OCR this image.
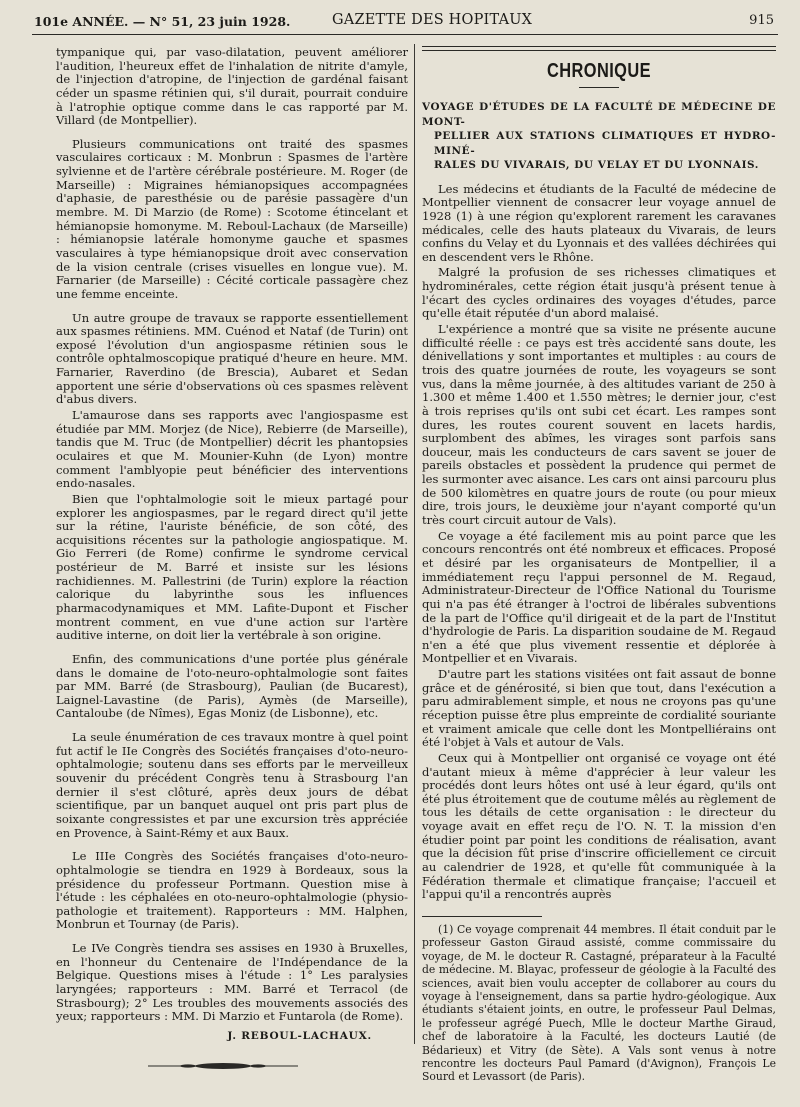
101e ANNÉE. — N° 51, 23 juin 1928.	GAZETTE DES HOPITAUX	915

tympanique qui, par vaso-dilatation, peuvent améliorer l'audition, l'heureux effet de l'inhalation de nitrite d'amyle, de l'injection d'atropine, de l'injection de gardénal faisant céder un spasme rétinien qui, s'il durait, pourrait conduire à l'atrophie optique comme dans le cas rapporté par M. Villard (de Montpellier).

Plusieurs communications ont traité des spasmes vasculaires corticaux : M. Monbrun : Spasmes de l'artère sylvienne et de l'artère cérébrale postérieure. M. Roger (de Marseille) : Migraines hémianopsiques accompagnées d'aphasie, de paresthésie ou de parésie passagère d'un membre. M. Di Marzio (de Rome) : Scotome étincelant et hémianopsie homonyme. M. Reboul-Lachaux (de Marseille) : hémianopsie latérale homonyme gauche et spasmes vasculaires à type hémianopsique droit avec conservation de la vision centrale (crises visuelles en longue vue). M. Farnarier (de Marseille) : Cécité corticale passagère chez une femme enceinte.

Un autre groupe de travaux se rapporte essentiellement aux spasmes rétiniens. MM. Cuénod et Nataf (de Turin) ont exposé l'évolution d'un angiospasme rétinien sous le contrôle ophtalmoscopique pratiqué d'heure en heure. MM. Farnarier, Raverdino (de Brescia), Aubaret et Sedan apportent une série d'observations où ces spasmes relèvent d'abus divers.

L'amaurose dans ses rapports avec l'angiospasme est étudiée par MM. Morjez (de Nice), Rebierre (de Marseille), tandis que M. Truc (de Montpellier) décrit les phantopsies oculaires et que M. Mounier-Kuhn (de Lyon) montre comment l'amblyopie peut bénéficier des interventions endo-nasales.

Bien que l'ophtalmologie soit le mieux partagé pour explorer les angiospasmes, par le regard direct qu'il jette sur la rétine, l'auriste bénéficie, de son côté, des acquisitions récentes sur la pathologie angiospatique. M. Gio Ferreri (de Rome) confirme le syndrome cervical postérieur de M. Barré et insiste sur les lésions rachidiennes. M. Pallestrini (de Turin) explore la réaction calorique du labyrinthe sous les influences pharmacodynamiques et MM. Lafite-Dupont et Fischer montrent comment, en vue d'une action sur l'artère auditive interne, on doit lier la vertébrale à son origine.

Enfin, des communications d'une portée plus générale dans le domaine de l'oto-neuro-ophtalmologie sont faites par MM. Barré (de Strasbourg), Paulian (de Bucarest), Laignel-Lavastine (de Paris), Aymès (de Marseille), Cantaloube (de Nîmes), Egas Moniz (de Lisbonne), etc.

La seule énumération de ces travaux montre à quel point fut actif le IIe Congrès des Sociétés françaises d'oto-neuro-ophtalmologie; soutenu dans ses efforts par le merveilleux souvenir du précédent Congrès tenu à Strasbourg l'an dernier il s'est clôturé, après deux jours de débat scientifique, par un banquet auquel ont pris part plus de soixante congressistes et par une excursion très appréciée en Provence, à Saint-Rémy et aux Baux.

Le IIIe Congrès des Sociétés françaises d'oto-neuro-ophtalmologie se tiendra en 1929 à Bordeaux, sous la présidence du professeur Portmann. Question mise à l'étude : les céphalées en oto-neuro-ophtalmologie (physio-pathologie et traitement). Rapporteurs : MM. Halphen, Monbrun et Tournay (de Paris).

Le IVe Congrès tiendra ses assises en 1930 à Bruxelles, en l'honneur du Centenaire de l'Indépendance de la Belgique. Questions mises à l'étude : 1° Les paralysies laryngées; rapporteurs : MM. Barré et Terracol (de Strasbourg); 2° Les troubles des mouvements associés des yeux; rapporteurs : MM. Di Marzio et Funtarola (de Rome).

J. REBOUL-LACHAUX.
CHRONIQUE
VOYAGE D'ÉTUDES DE LA FACULTÉ DE MÉDECINE DE MONT-
PELLIER AUX STATIONS CLIMATIQUES ET HYDRO-MINÉ-
RALES DU VIVARAIS, DU VELAY ET DU LYONNAIS.

Les médecins et étudiants de la Faculté de médecine de Montpellier viennent de consacrer leur voyage annuel de 1928 (1) à une région qu'explorent rarement les caravanes médicales, celle des hauts plateaux du Vivarais, de leurs confins du Velay et du Lyonnais et des vallées déchirées qui en descendent vers le Rhône.

Malgré la profusion de ses richesses climatiques et hydrominérales, cette région était jusqu'à présent tenue à l'écart des cycles ordinaires des voyages d'études, parce qu'elle était réputée d'un abord malaisé.

L'expérience a montré que sa visite ne présente aucune difficulté réelle : ce pays est très accidenté sans doute, les dénivellations y sont importantes et multiples : au cours de trois des quatre journées de route, les voyageurs se sont vus, dans la même journée, à des altitudes variant de 250 à 1.300 et même 1.400 et 1.550 mètres; le dernier jour, c'est à trois reprises qu'ils ont subi cet écart. Les rampes sont dures, les routes courent souvent en lacets hardis, surplombent des abîmes, les virages sont parfois sans douceur, mais les conducteurs de cars savent se jouer de pareils obstacles et possèdent la prudence qui permet de les surmonter avec aisance. Les cars ont ainsi parcouru plus de 500 kilomètres en quatre jours de route (ou pour mieux dire, trois jours, le deuxième jour n'ayant comporté qu'un très court circuit autour de Vals).

Ce voyage a été facilement mis au point parce que les concours rencontrés ont été nombreux et efficaces. Proposé et désiré par les organisateurs de Montpellier, il a immédiatement reçu l'appui personnel de M. Regaud, Administrateur-Directeur de l'Office National du Tourisme qui n'a pas été étranger à l'octroi de libérales subventions de la part de l'Office qu'il dirigeait et de la part de l'Institut d'hydrologie de Paris. La disparition soudaine de M. Regaud n'en a été que plus vivement ressentie et déplorée à Montpellier et en Vivarais.

D'autre part les stations visitées ont fait assaut de bonne grâce et de générosité, si bien que tout, dans l'exécution a paru admirablement simple, et nous ne croyons pas qu'une réception puisse être plus empreinte de cordialité souriante et vraiment amicale que celle dont les Montpelliérains ont été l'objet à Vals et autour de Vals.

Ceux qui à Montpellier ont organisé ce voyage ont été d'autant mieux à même d'apprécier à leur valeur les procédés dont leurs hôtes ont usé à leur égard, qu'ils ont été plus étroitement que de coutume mêlés au règlement de tous les détails de cette organisation : le directeur du voyage avait en effet reçu de l'O. N. T. la mission d'en étudier point par point les conditions de réalisation, avant que la décision fût prise d'inscrire officiellement ce circuit au calendrier de 1928, et qu'elle fût communiquée à la Fédération thermale et climatique française; l'accueil et l'appui qu'il a rencontrés auprès

(1) Ce voyage comprenait 44 membres. Il était conduit par le professeur Gaston Giraud assisté, comme commissaire du voyage, de M. le docteur R. Castagné, préparateur à la Faculté de médecine. M. Blayac, professeur de géologie à la Faculté des sciences, avait bien voulu accepter de collaborer au cours du voyage à l'enseignement, dans sa partie hydro-géologique. Aux étudiants s'étaient joints, en outre, le professeur Paul Delmas, le professeur agrégé Puech, Mlle le docteur Marthe Giraud, chef de laboratoire à la Faculté, les docteurs Lautié (de Bédarieux) et Vitry (de Sète). A Vals sont venus à notre rencontre les docteurs Paul Pamard (d'Avignon), François Le Sourd et Levassort (de Paris).
